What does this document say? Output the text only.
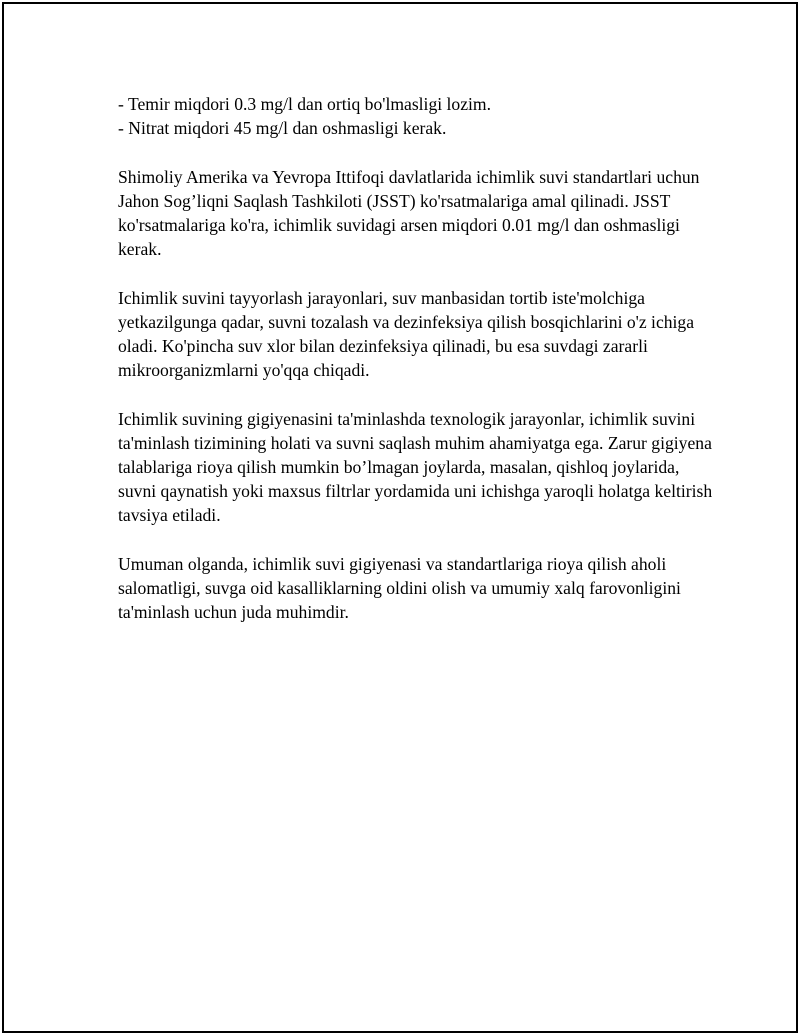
- Temir miqdori 0.3 mg/l dan ortiq bo'lmasligi lozim.
- Nitrat miqdori 45 mg/l dan oshmasligi kerak.

Shimoliy Amerika va Yevropa Ittifoqi davlatlarida ichimlik suvi standartlari uchun Jahon Sog’liqni Saqlash Tashkiloti (JSST) ko'rsatmalariga amal qilinadi. JSST ko'rsatmalariga ko'ra, ichimlik suvidagi arsen miqdori 0.01 mg/l dan oshmasligi kerak.

Ichimlik suvini tayyorlash jarayonlari, suv manbasidan tortib iste'molchiga yetkazilgunga qadar, suvni tozalash va dezinfeksiya qilish bosqichlarini o'z ichiga oladi. Ko'pincha suv xlor bilan dezinfeksiya qilinadi, bu esa suvdagi zararli mikroorganizmlarni yo'qqa chiqadi.

Ichimlik suvining gigiyenasini ta'minlashda texnologik jarayonlar, ichimlik suvini ta'minlash tizimining holati va suvni saqlash muhim ahamiyatga ega. Zarur gigiyena talablariga rioya qilish mumkin bo’lmagan joylarda, masalan, qishloq joylarida, suvni qaynatish yoki maxsus filtrlar yordamida uni ichishga yaroqli holatga keltirish tavsiya etiladi.

Umuman olganda, ichimlik suvi gigiyenasi va standartlariga rioya qilish aholi salomatligi, suvga oid kasalliklarning oldini olish va umumiy xalq farovonligini ta'minlash uchun juda muhimdir.
